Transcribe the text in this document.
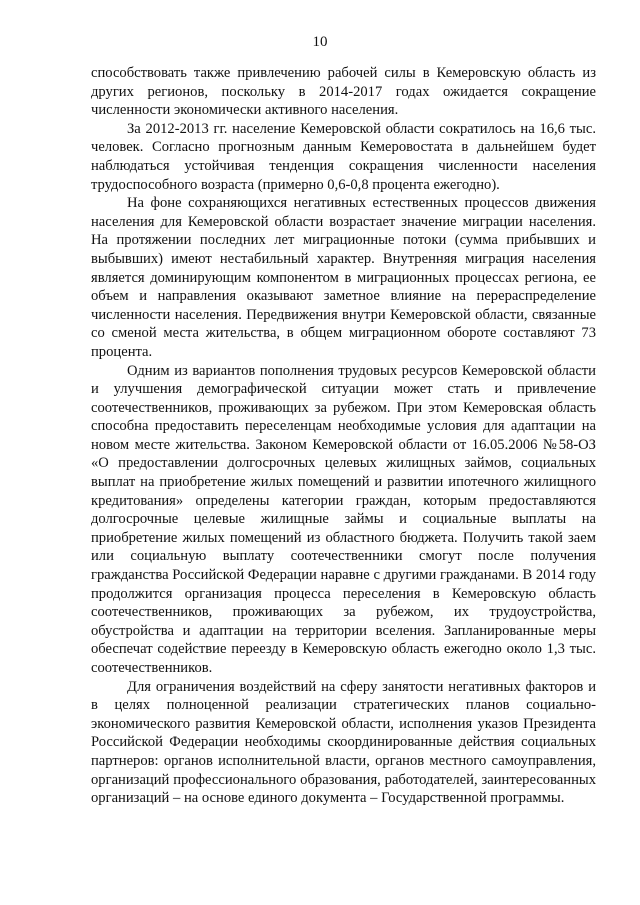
10

способствовать также привлечению рабочей силы в Кемеровскую область из других регионов, поскольку в 2014-2017 годах ожидается сокращение численности экономически активного населения.

За 2012-2013 гг. население Кемеровской области сократилось на 16,6 тыс. человек. Согласно прогнозным данным Кемеровостата в дальнейшем будет наблюдаться устойчивая тенденция сокращения численности населения трудоспособного возраста (примерно 0,6-0,8 процента ежегодно).

На фоне сохраняющихся негативных естественных процессов движения населения для Кемеровской области возрастает значение миграции населения. На протяжении последних лет миграционные потоки (сумма прибывших и выбывших) имеют нестабильный характер. Внутренняя миграция населения является доминирующим компонентом в миграционных процессах региона, ее объем и направления оказывают заметное влияние на перераспределение численности населения. Передвижения внутри Кемеровской области, связанные со сменой места жительства, в общем миграционном обороте составляют 73 процента.

Одним из вариантов пополнения трудовых ресурсов Кемеровской области и улучшения демографической ситуации может стать и привлечение соотечественников, проживающих за рубежом. При этом Кемеровская область способна предоставить переселенцам необходимые условия для адаптации на новом месте жительства. Законом Кемеровской области от 16.05.2006 №58-ОЗ «О предоставлении долгосрочных целевых жилищных займов, социальных выплат на приобретение жилых помещений и развитии ипотечного жилищного кредитования» определены категории граждан, которым предоставляются долгосрочные целевые жилищные займы и социальные выплаты на приобретение жилых помещений из областного бюджета. Получить такой заем или социальную выплату соотечественники смогут после получения гражданства Российской Федерации наравне с другими гражданами. В 2014 году продолжится организация процесса переселения в Кемеровскую область соотечественников, проживающих за рубежом, их трудоустройства, обустройства и адаптации на территории вселения. Запланированные меры обеспечат содействие переезду в Кемеровскую область ежегодно около 1,3 тыс. соотечественников.

Для ограничения воздействий на сферу занятости негативных факторов и в целях полноценной реализации стратегических планов социально-экономического развития Кемеровской области, исполнения указов Президента Российской Федерации необходимы скоординированные действия социальных партнеров: органов исполнительной власти, органов местного самоуправления, организаций профессионального образования, работодателей, заинтересованных организаций – на основе единого документа – Государственной программы.
